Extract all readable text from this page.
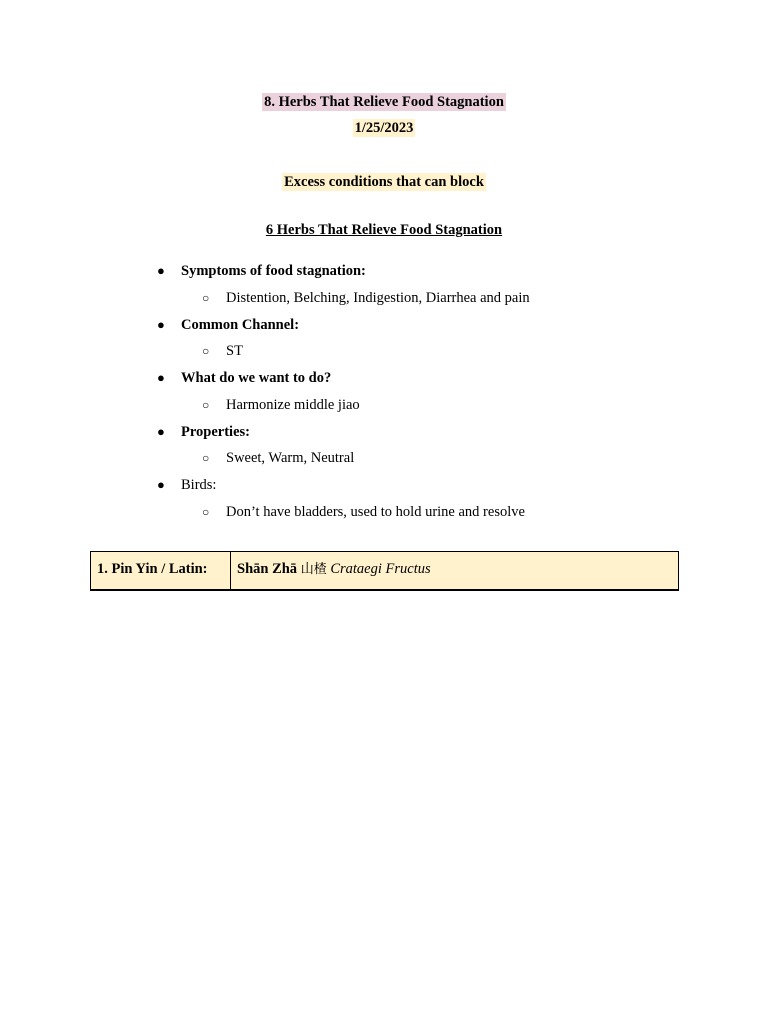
8. Herbs That Relieve Food Stagnation
1/25/2023
Excess conditions that can block
6 Herbs That Relieve Food Stagnation
● Symptoms of food stagnation:
○ Distention, Belching, Indigestion, Diarrhea and pain
● Common Channel:
○ ST
● What do we want to do?
○ Harmonize middle jiao
● Properties:
○ Sweet, Warm, Neutral
● Birds:
○ Don’t have bladders, used to hold urine and resolve
1. Pin Yin / Latin:	Shān Zhā 山楂 Crataegi Fructus
